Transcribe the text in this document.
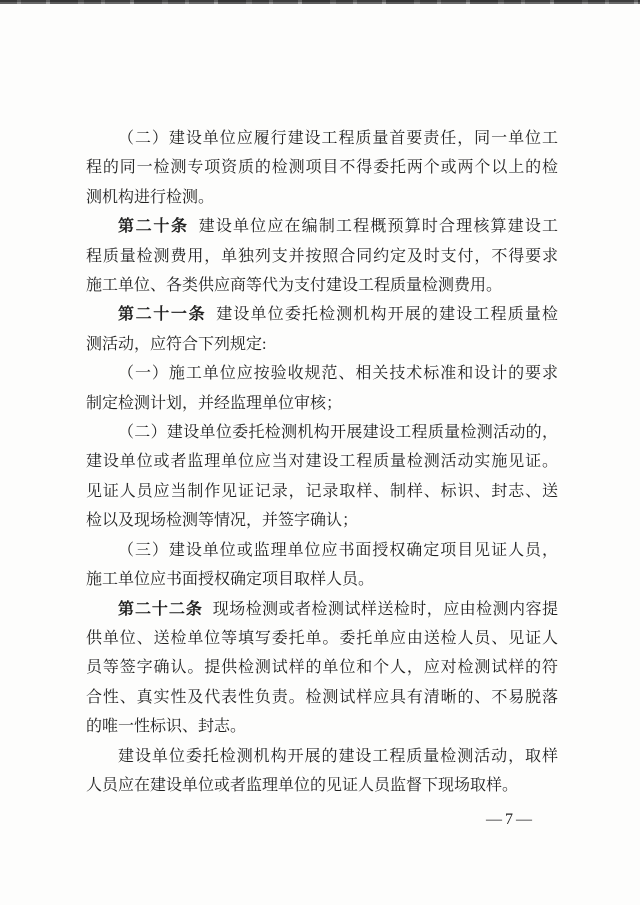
（二）建设单位应履行建设工程质量首要责任，同一单位工
程的同一检测专项资质的检测项目不得委托两个或两个以上的检
测机构进行检测。
第二十条 建设单位应在编制工程概预算时合理核算建设工
程质量检测费用，单独列支并按照合同约定及时支付，不得要求
施工单位、各类供应商等代为支付建设工程质量检测费用。
第二十一条 建设单位委托检测机构开展的建设工程质量检
测活动，应符合下列规定:
（一）施工单位应按验收规范、相关技术标准和设计的要求
制定检测计划，并经监理单位审核；
（二）建设单位委托检测机构开展建设工程质量检测活动的，
建设单位或者监理单位应当对建设工程质量检测活动实施见证。
见证人员应当制作见证记录，记录取样、制样、标识、封志、送
检以及现场检测等情况，并签字确认；
（三）建设单位或监理单位应书面授权确定项目见证人员，
施工单位应书面授权确定项目取样人员。
第二十二条 现场检测或者检测试样送检时，应由检测内容提
供单位、送检单位等填写委托单。委托单应由送检人员、见证人
员等签字确认。提供检测试样的单位和个人，应对检测试样的符
合性、真实性及代表性负责。检测试样应具有清晰的、不易脱落
的唯一性标识、封志。
建设单位委托检测机构开展的建设工程质量检测活动，取样
人员应在建设单位或者监理单位的见证人员监督下现场取样。
— 7 —
